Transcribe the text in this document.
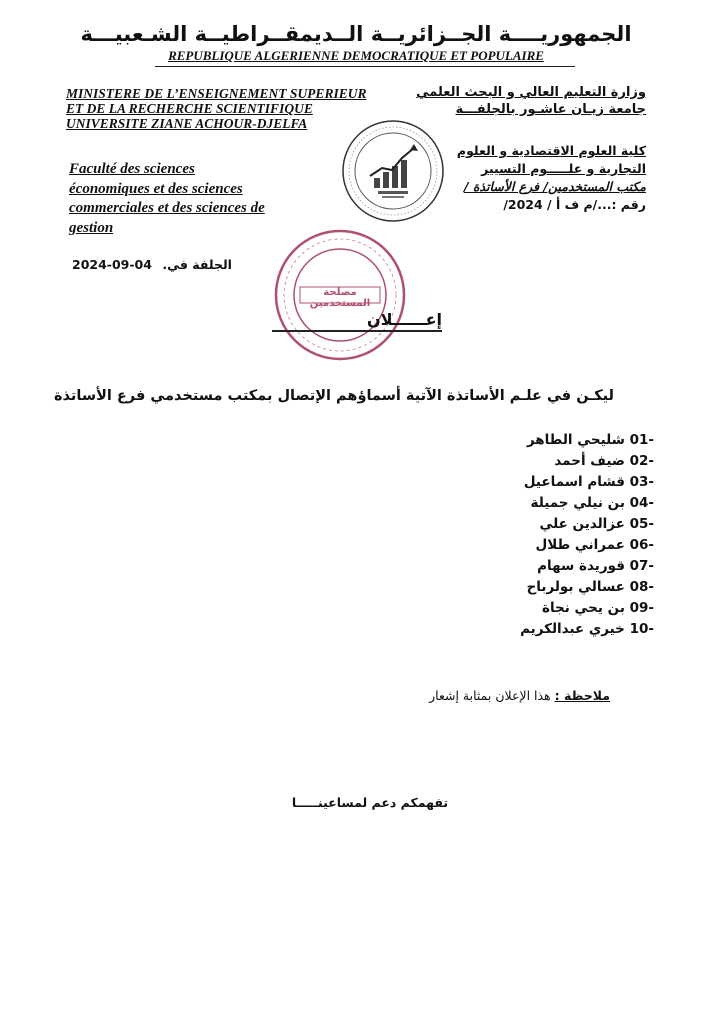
الجمهوريــــة الجــزائريــة الــديمقــراطيــة الشـعبيـــة
REPUBLIQUE ALGERIENNE DEMOCRATIQUE ET POPULAIRE
MINISTERE DE L’ENSEIGNEMENT SUPERIEUR
ET DE LA RECHERCHE SCIENTIFIQUE
UNIVERSITE ZIANE ACHOUR-DJELFA
Faculté des sciences
économiques et des sciences
commerciales et des sciences de
gestion
الجلفة في. 2024-09-04
وزارة التعليم العالي و البحث العلمي
جامعة زيـان عاشـور بالجلفـــة
كلية العلوم الاقتصادية و العلوم
التجارية و علـــــوم التسيير
مكتب المستخدمين/ فرع الأساتذة /
رقم :.../م ف أ / 2024/
مصلحة المستخدمين
إعــــــلان
ليكـن في علـم الأساتذة الآتية أسماؤهم الإتصال بمكتب مستخدمي فرع الأساتذة
01- شليحي الطاهر
02- ضيف أحمد
03- قشام اسماعيل
04- بن نيلي جميلة
05- عزالدين علي
06- عمراني طلال
07- قوريدة سهام
08- عسالي بولرباح
09- بن يحي نجاة
10- خيري عبدالكريم
ملاحظة : هذا الإعلان بمثابة إشعار
تفهمكم دعم لمساعينـــــا
